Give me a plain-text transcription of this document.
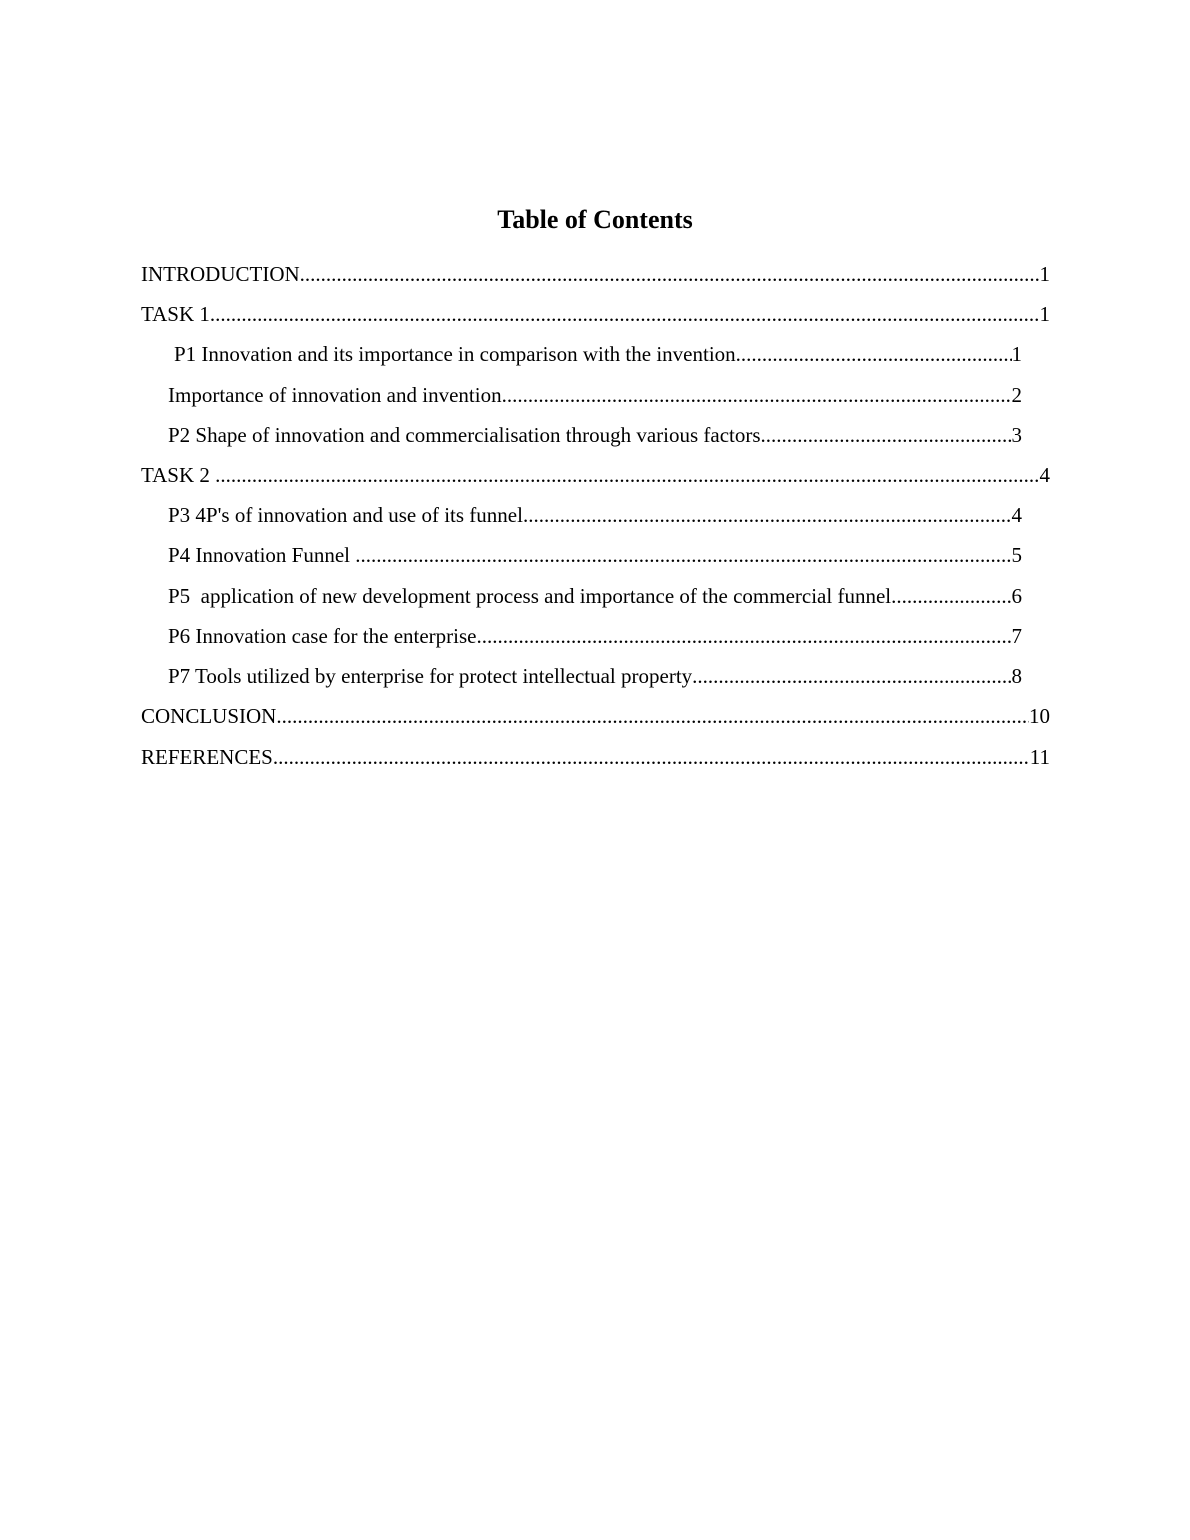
Table of Contents
INTRODUCTION .....	1
TASK 1 .....	1
P1 Innovation and its importance in comparison with the invention .....	1
Importance of innovation and invention .....	2
P2 Shape of innovation and commercialisation through various factors .....	3
TASK 2 .....	4
P3 4P's of innovation and use of its funnel .....	4
P4 Innovation Funnel .....	5
P5  application of new development process and importance of the commercial funnel .....	6
P6 Innovation case for the enterprise .....	7
P7 Tools utilized by enterprise for protect intellectual property .....	8
CONCLUSION .....	10
REFERENCES .....	11
